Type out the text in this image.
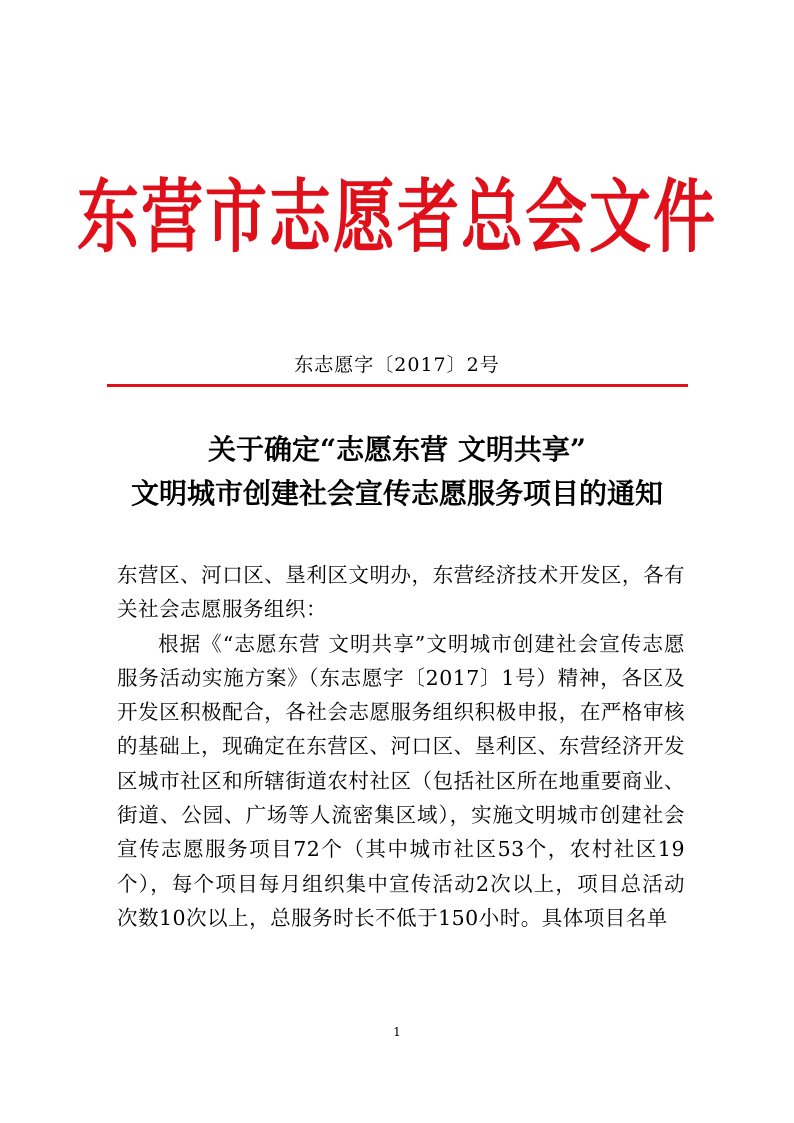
东营市志愿者总会文件
东志愿字〔2017〕2号
关于确定“志愿东营 文明共享”
文明城市创建社会宣传志愿服务项目的通知

东营区、河口区、垦利区文明办，东营经济技术开发区，各有关社会志愿服务组织：

根据《“志愿东营 文明共享”文明城市创建社会宣传志愿服务活动实施方案》（东志愿字〔2017〕1号）精神，各区及开发区积极配合，各社会志愿服务组织积极申报，在严格审核的基础上，现确定在东营区、河口区、垦利区、东营经济开发区城市社区和所辖街道农村社区（包括社区所在地重要商业、街道、公园、广场等人流密集区域），实施文明城市创建社会宣传志愿服务项目72个（其中城市社区53个，农村社区19个），每个项目每月组织集中宣传活动2次以上，项目总活动次数10次以上，总服务时长不低于150小时。具体项目名单

1
